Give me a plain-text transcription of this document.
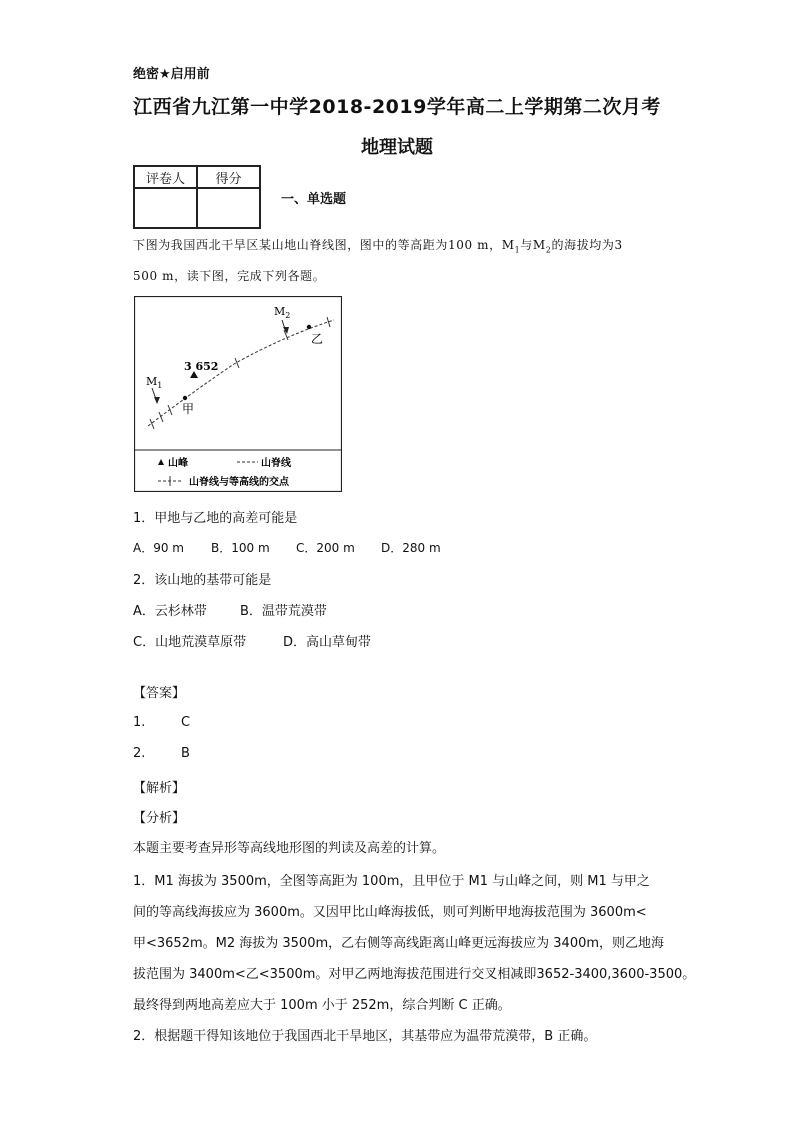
绝密★启用前
江西省九江第一中学2018-2019学年高二上学期第二次月考
地理试题
评卷人	得分

一、单选题
下图为我国西北干旱区某山地山脊线图，图中的等高距为100 m，$M_1$与$M_2$的海拔均为3
500 m，读下图，完成下列各题。
3 652
甲
乙
$M_1$
$M_2$
山峰	山脊线
山脊线与等高线的交点
1．甲地与乙地的高差可能是
A．90 m B．100 m C．200 m D．280 m
2．该山地的基带可能是
A．云杉林带	B．温带荒漠带
C．山地荒漠草原带	D．高山草甸带
【答案】
1.	C
2.	B
【解析】
【分析】
本题主要考查异形等高线地形图的判读及高差的计算。
1．M1 海拔为 3500m，全图等高距为 100m，且甲位于 M1 与山峰之间，则 M1 与甲之
间的等高线海拔应为 3600m。又因甲比山峰海拔低，则可判断甲地海拔范围为 3600m<
甲<3652m。M2 海拔为 3500m，乙右侧等高线距离山峰更远海拔应为 3400m，则乙地海
拔范围为 3400m<乙<3500m。对甲乙两地海拔范围进行交叉相减即3652-3400,3600-3500。
最终得到两地高差应大于 100m 小于 252m，综合判断 C 正确。
2．根据题干得知该地位于我国西北干旱地区，其基带应为温带荒漠带，B 正确。
